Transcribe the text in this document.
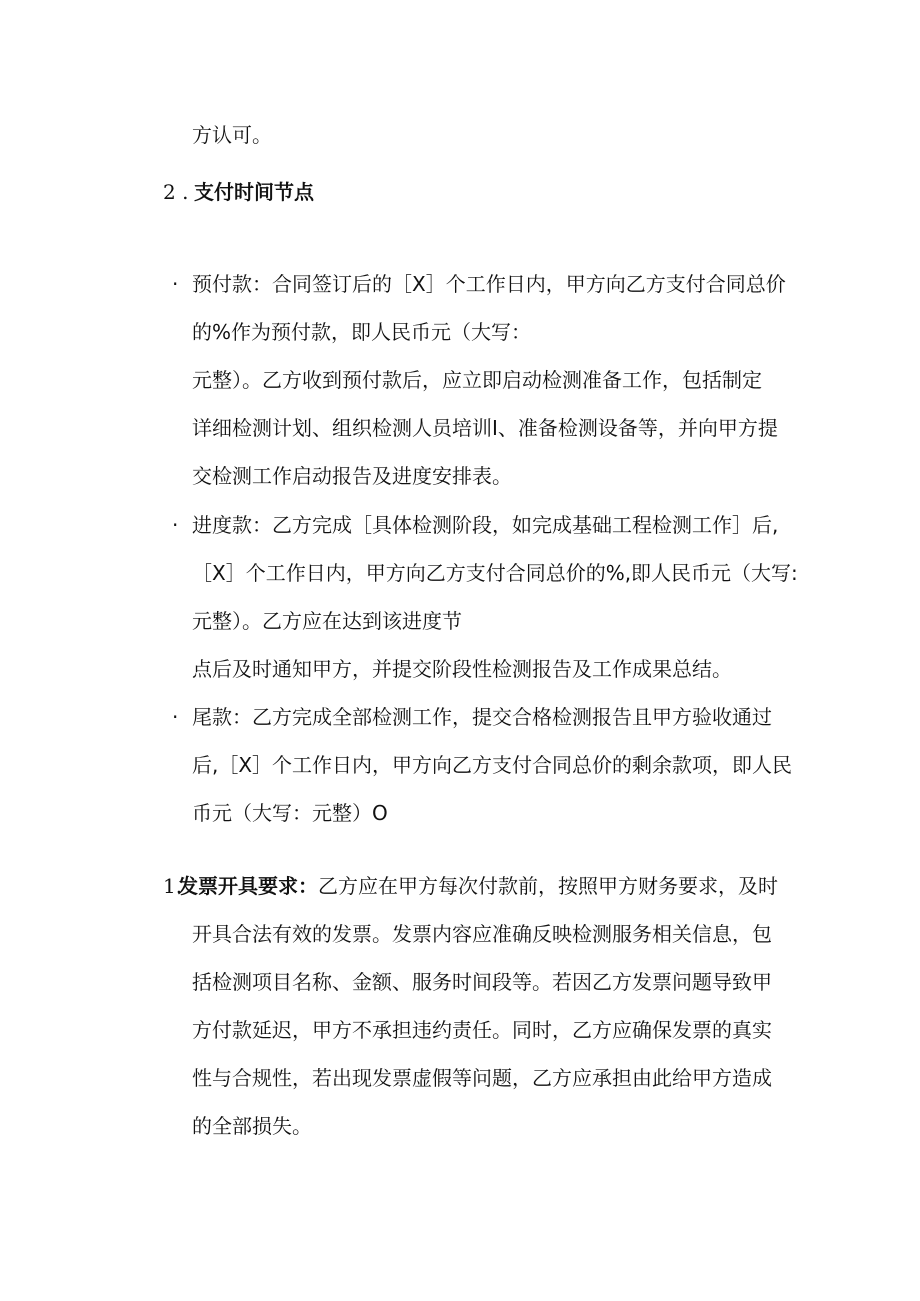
方认可。
2 . 支付时间节点
· 预付款：合同签订后的［X］个工作日内，甲方向乙方支付合同总价
的%作为预付款，即人民币元（大写：
元整）。乙方收到预付款后，应立即启动检测准备工作，包括制定
详细检测计划、组织检测人员培训I、准备检测设备等，并向甲方提
交检测工作启动报告及进度安排表。
· 进度款：乙方完成［具体检测阶段，如完成基础工程检测工作］后,
［X］个工作日内，甲方向乙方支付合同总价的%,即人民币元（大写:
元整）。乙方应在达到该进度节
点后及时通知甲方，并提交阶段性检测报告及工作成果总结。
· 尾款：乙方完成全部检测工作，提交合格检测报告且甲方验收通过
后,［X］个工作日内，甲方向乙方支付合同总价的剩余款项，即人民
币元（大写：元整）O
1.
发票开具要求：乙方应在甲方每次付款前，按照甲方财务要求，及时
开具合法有效的发票。发票内容应准确反映检测服务相关信息，包
括检测项目名称、金额、服务时间段等。若因乙方发票问题导致甲
方付款延迟，甲方不承担违约责任。同时，乙方应确保发票的真实
性与合规性，若出现发票虚假等问题，乙方应承担由此给甲方造成
的全部损失。
